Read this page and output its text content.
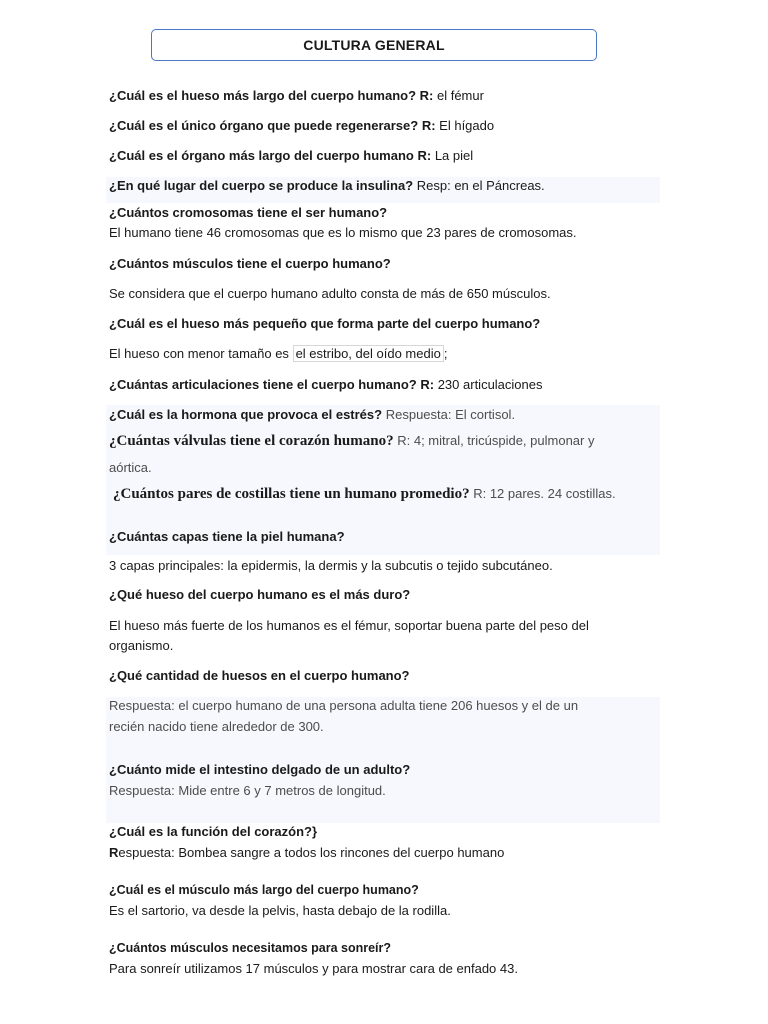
CULTURA GENERAL
¿Cuál es el hueso más largo del cuerpo humano? R: el fémur
¿Cuál es el único órgano que puede regenerarse? R: El hígado
¿Cuál es el órgano más largo del cuerpo humano R: La piel
¿En qué lugar del cuerpo se produce la insulina? Resp: en el Páncreas.
¿Cuántos cromosomas tiene el ser humano?
El humano tiene 46 cromosomas que es lo mismo que 23 pares de cromosomas.
¿Cuántos músculos tiene el cuerpo humano?
Se considera que el cuerpo humano adulto consta de más de 650 músculos.
¿Cuál es el hueso más pequeño que forma parte del cuerpo humano?
El hueso con menor tamaño es el estribo, del oído medio ;
¿Cuántas articulaciones tiene el cuerpo humano? R: 230 articulaciones
¿Cuál es la hormona que provoca el estrés? Respuesta: El cortisol.
¿Cuántas válvulas tiene el corazón humano? R: 4; mitral, tricúspide, pulmonar y
aórtica.
¿Cuántos pares de costillas tiene un humano promedio? R: 12 pares. 24 costillas.
¿Cuántas capas tiene la piel humana?
3 capas principales: la epidermis, la dermis y la subcutis o tejido subcutáneo.
¿Qué hueso del cuerpo humano es el más duro?
El hueso más fuerte de los humanos es el fémur, soportar buena parte del peso del
organismo.
¿Qué cantidad de huesos en el cuerpo humano?
Respuesta: el cuerpo humano de una persona adulta tiene 206 huesos y el de un
recién nacido tiene alrededor de 300.
¿Cuánto mide el intestino delgado de un adulto?
Respuesta: Mide entre 6 y 7 metros de longitud.
¿Cuál es la función del corazón?}
Respuesta: Bombea sangre a todos los rincones del cuerpo humano
¿Cuál es el músculo más largo del cuerpo humano?
Es el sartorio, va desde la pelvis, hasta debajo de la rodilla.
¿Cuántos músculos necesitamos para sonreír?
Para sonreír utilizamos 17 músculos y para mostrar cara de enfado 43.
